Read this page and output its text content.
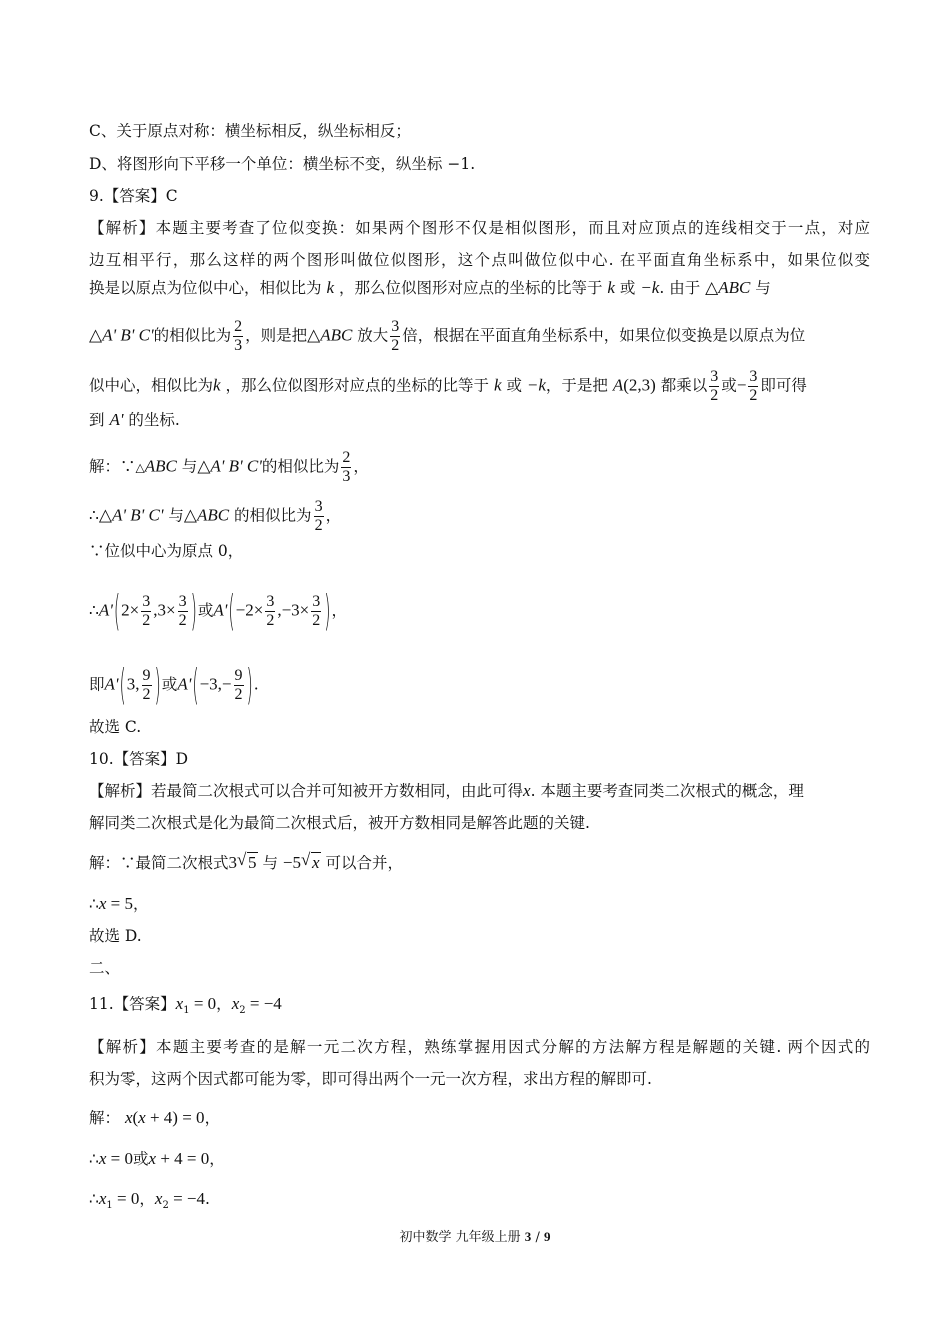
C、关于原点对称：横坐标相反，纵坐标相反；
D、将图形向下平移一个单位：横坐标不变，纵坐标 −1.
9.【答案】C
【解析】本题主要考查了位似变换：如果两个图形不仅是相似图形，而且对应顶点的连线相交于一点，对应
边互相平行，那么这样的两个图形叫做位似图形，这个点叫做位似中心. 在平面直角坐标系中，如果位似变
换是以原点为位似中心，相似比为 k ，那么位似图形对应点的坐标的比等于 k 或 −k. 由于 △ABC 与
△A' B' C'的相似比为 $\frac{2}{3}$ ，则是把△ABC 放大 $\frac{3}{2}$ 倍，根据在平面直角坐标系中，如果位似变换是以原点为位
似中心，相似比为k ，那么位似图形对应点的坐标的比等于 k 或 −k，于是把 A(2,3) 都乘以 $\frac{3}{2}$ 或− $\frac{3}{2}$ 即可得
到 A' 的坐标.
解：∵△ABC 与△A' B' C'的相似比为 $\frac{2}{3}$ ，
∴△A' B' C' 与△ABC 的相似比为 $\frac{3}{2}$ ，
∵位似中心为原点 0，
∴A'(2× $\frac{3}{2} ,3\times \frac{3}{2}$ )或$A'(-2\times \frac{3}{2} ,-3\times \frac{3}{2}$ )，
即A'(3, $\frac{9}{2}$ )或$A'(-3,- \frac{9}{2}$ ).
故选 C.
10.【答案】D
【解析】若最简二次根式可以合并可知被开方数相同，由此可得x. 本题主要考查同类二次根式的概念，理
解同类二次根式是化为最简二次根式后，被开方数相同是解答此题的关键.
解：∵最简二次根式3 √ 5 与 −5 √ x 可以合并，
∴x = 5，
故选 D.
二、
11.【答案】$x_1 = 0$，$x_2 = -4$
【解析】本题主要考查的是解一元二次方程，熟练掌握用因式分解的方法解方程是解题的关键. 两个因式的
积为零，这两个因式都可能为零，即可得出两个一元一次方程，求出方程的解即可.
解： x(x + 4) = 0，
∴x = 0或x + 4 = 0，
$\therefore x_1 = 0$，$x_2 = -4$.
初中数学 九年级上册 3 / 9
